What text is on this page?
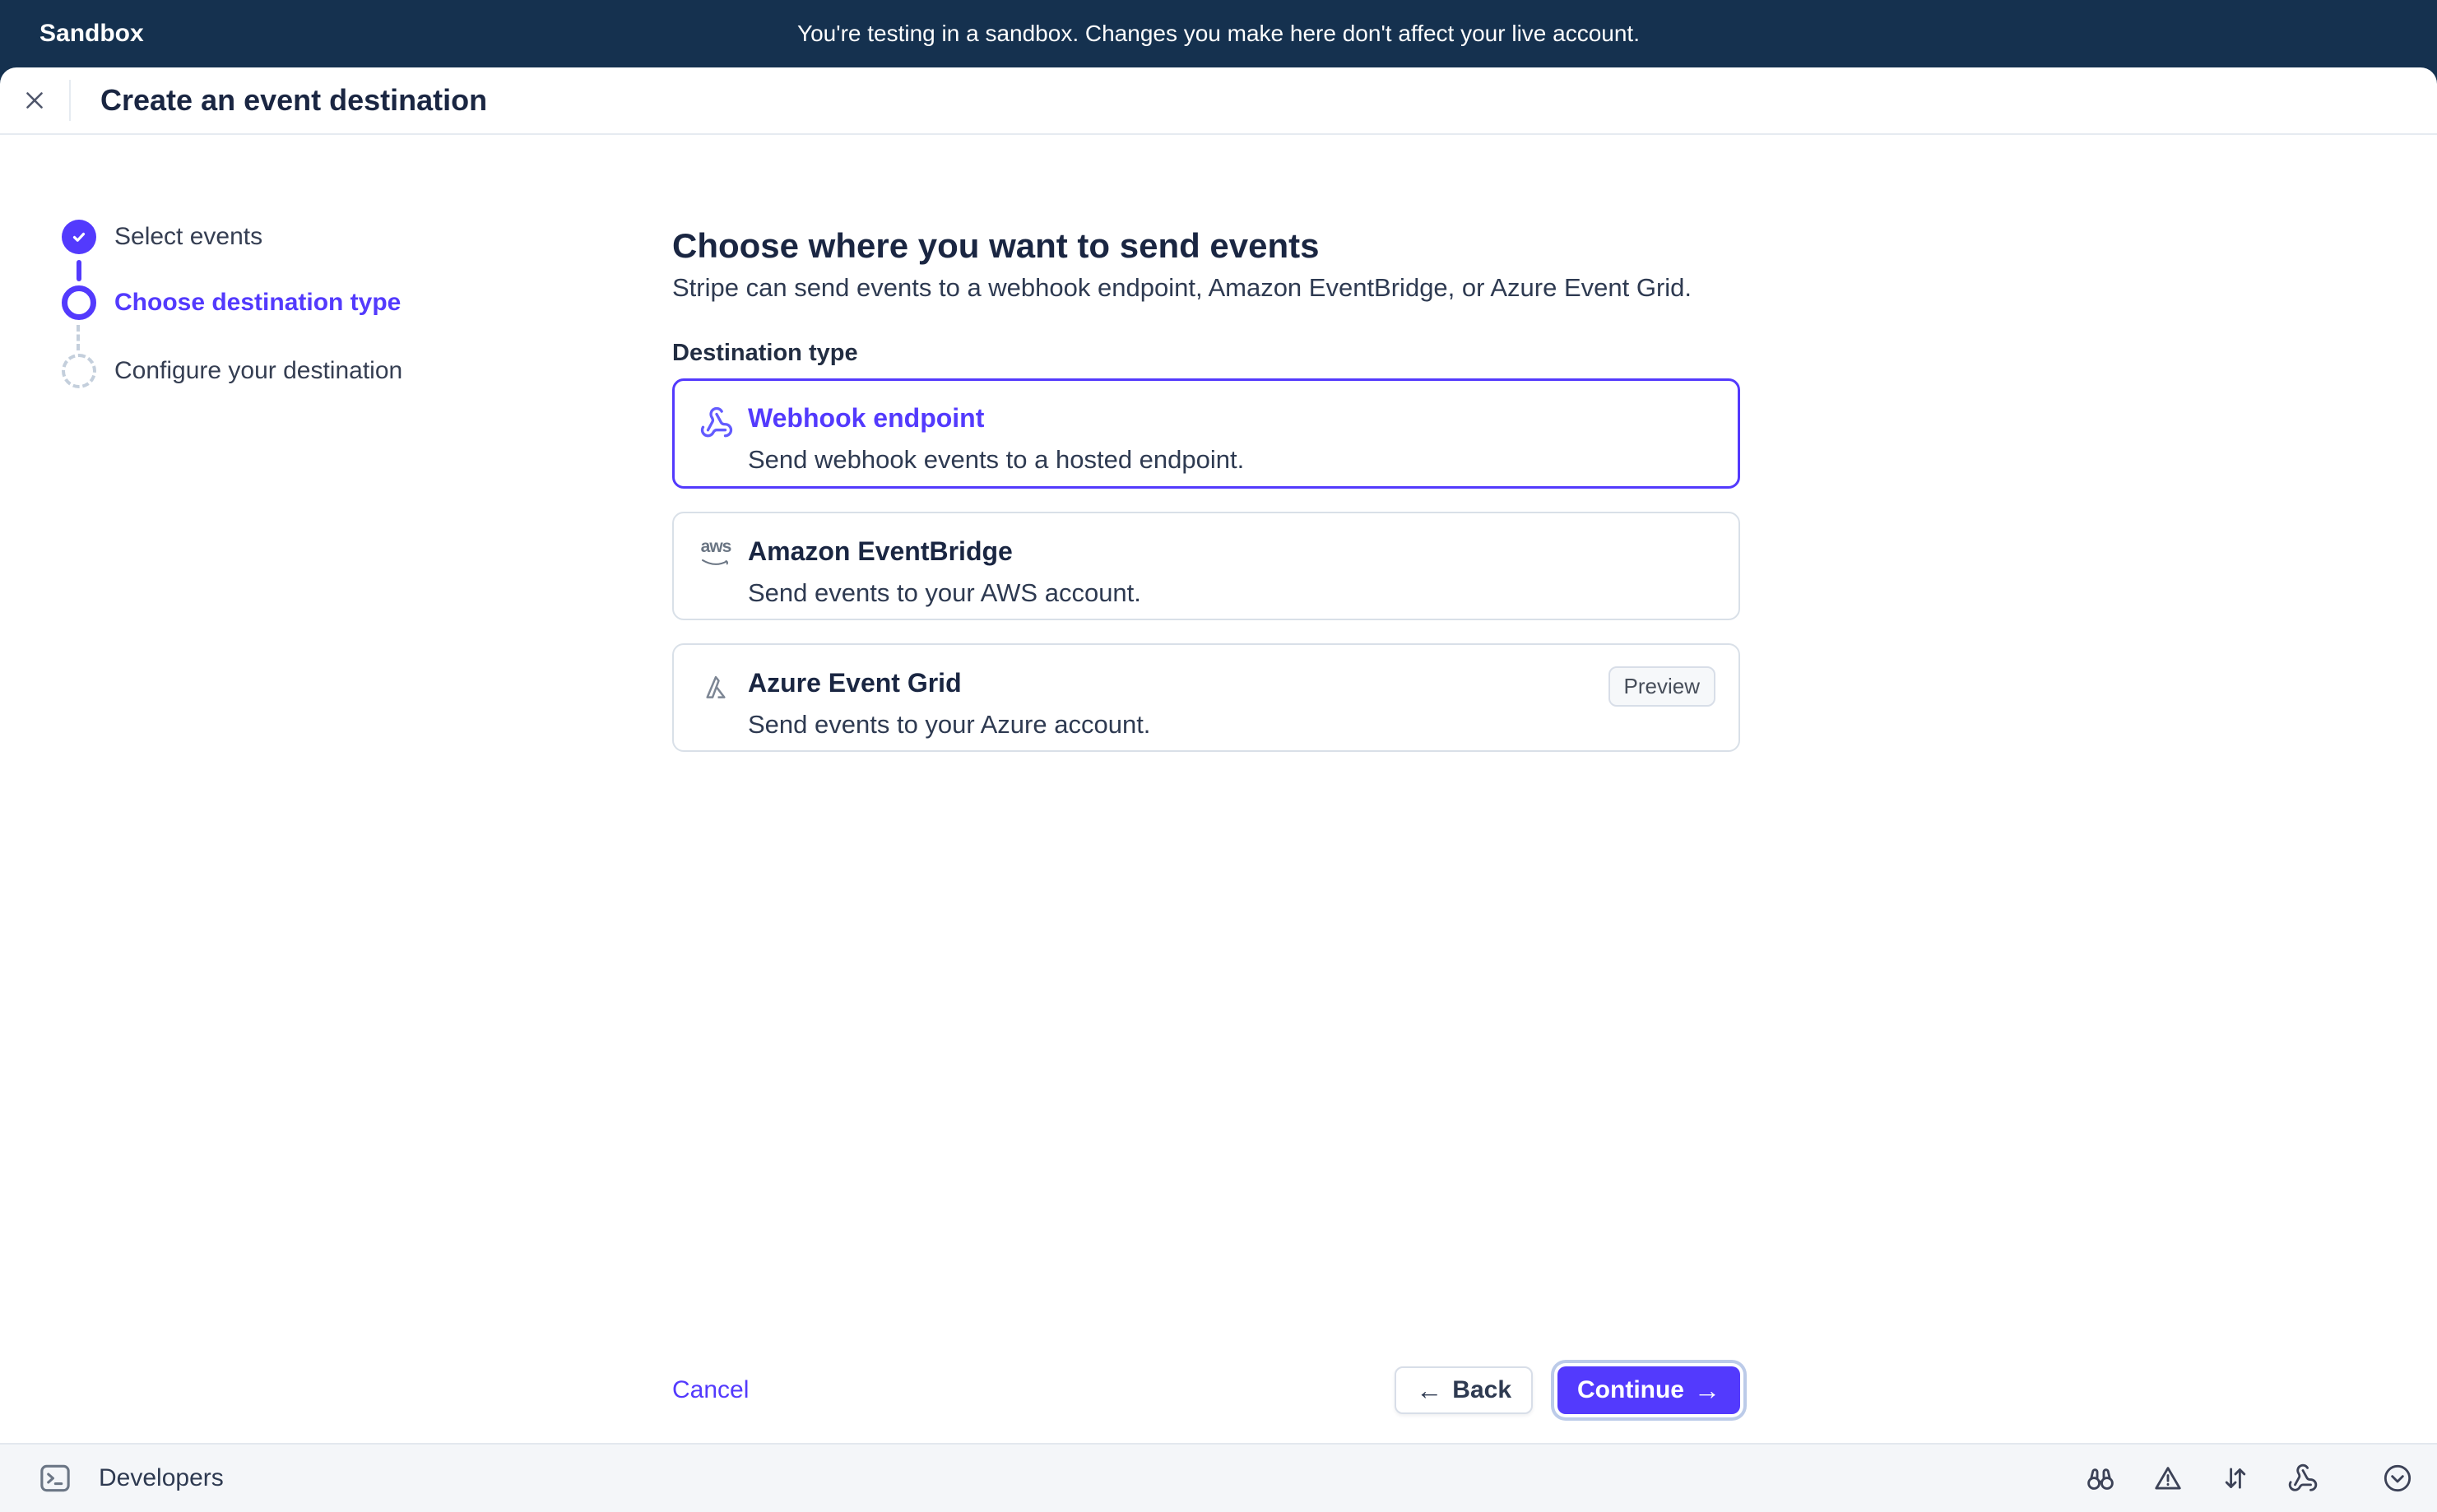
Sandbox	You're testing in a sandbox. Changes you make here don't affect your live account.
Create an event destination
Select events
Choose destination type
Configure your destination
Choose where you want to send events
Stripe can send events to a webhook endpoint, Amazon EventBridge, or Azure Event Grid.
Destination type
Webhook endpoint
Send webhook events to a hosted endpoint.
aws Amazon EventBridge
Send events to your AWS account.
Azure Event Grid
Send events to your Azure account.
Preview
Cancel	← Back	Continue →
Developers
